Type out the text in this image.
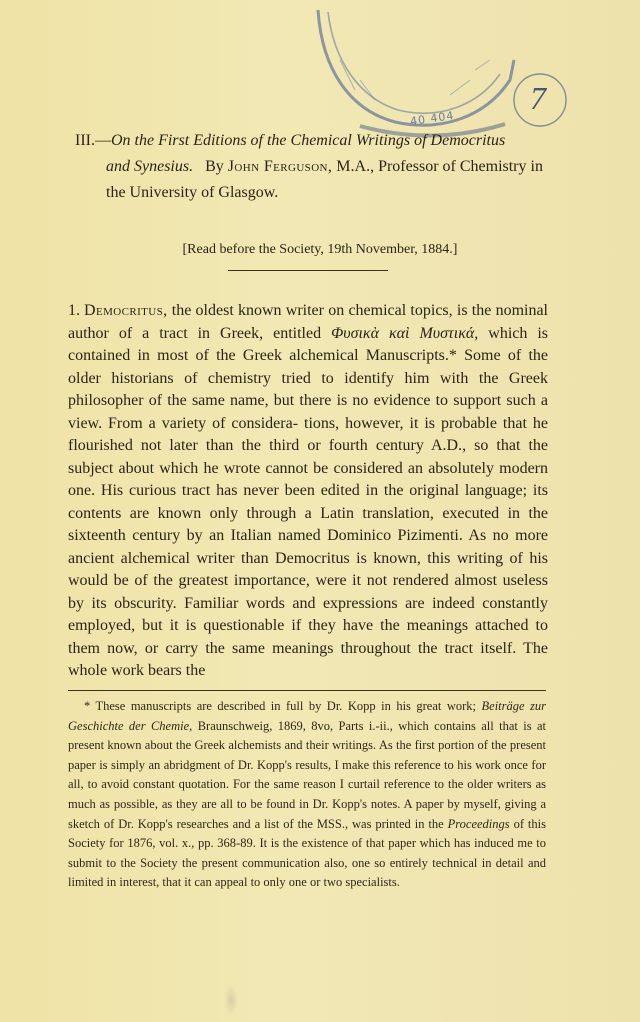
40 404
7

III.—On the First Editions of the Chemical Writings of Democritus

and Synesius. By John Ferguson, M.A., Professor of Chemistry in the University of Glasgow.

[Read before the Society, 19th November, 1884.]

1. Democritus, the oldest known writer on chemical topics, is the nominal author of a tract in Greek, entitled Φυσικὰ καὶ Μυστικά, which is contained in most of the Greek alchemical Manuscripts.* Some of the older historians of chemistry tried to identify him with the Greek philosopher of the same name, but there is no evidence to support such a view. From a variety of considera- tions, however, it is probable that he flourished not later than the third or fourth century A.D., so that the subject about which he wrote cannot be considered an absolutely modern one. His curious tract has never been edited in the original language; its contents are known only through a Latin translation, executed in the sixteenth century by an Italian named Dominico Pizimenti. As no more ancient alchemical writer than Democritus is known, this writing of his would be of the greatest importance, were it not rendered almost useless by its obscurity. Familiar words and expressions are indeed constantly employed, but it is questionable if they have the meanings attached to them now, or carry the same meanings throughout the tract itself. The whole work bears the

* These manuscripts are described in full by Dr. Kopp in his great work; Beiträge zur Geschichte der Chemie, Braunschweig, 1869, 8vo, Parts i.-ii., which contains all that is at present known about the Greek alchemists and their writings. As the first portion of the present paper is simply an abridgment of Dr. Kopp's results, I make this reference to his work once for all, to avoid constant quotation. For the same reason I curtail reference to the older writers as much as possible, as they are all to be found in Dr. Kopp's notes. A paper by myself, giving a sketch of Dr. Kopp's researches and a list of the MSS., was printed in the Proceedings of this Society for 1876, vol. x., pp. 368-89. It is the existence of that paper which has induced me to submit to the Society the present communication also, one so entirely technical in detail and limited in interest, that it can appeal to only one or two specialists.
